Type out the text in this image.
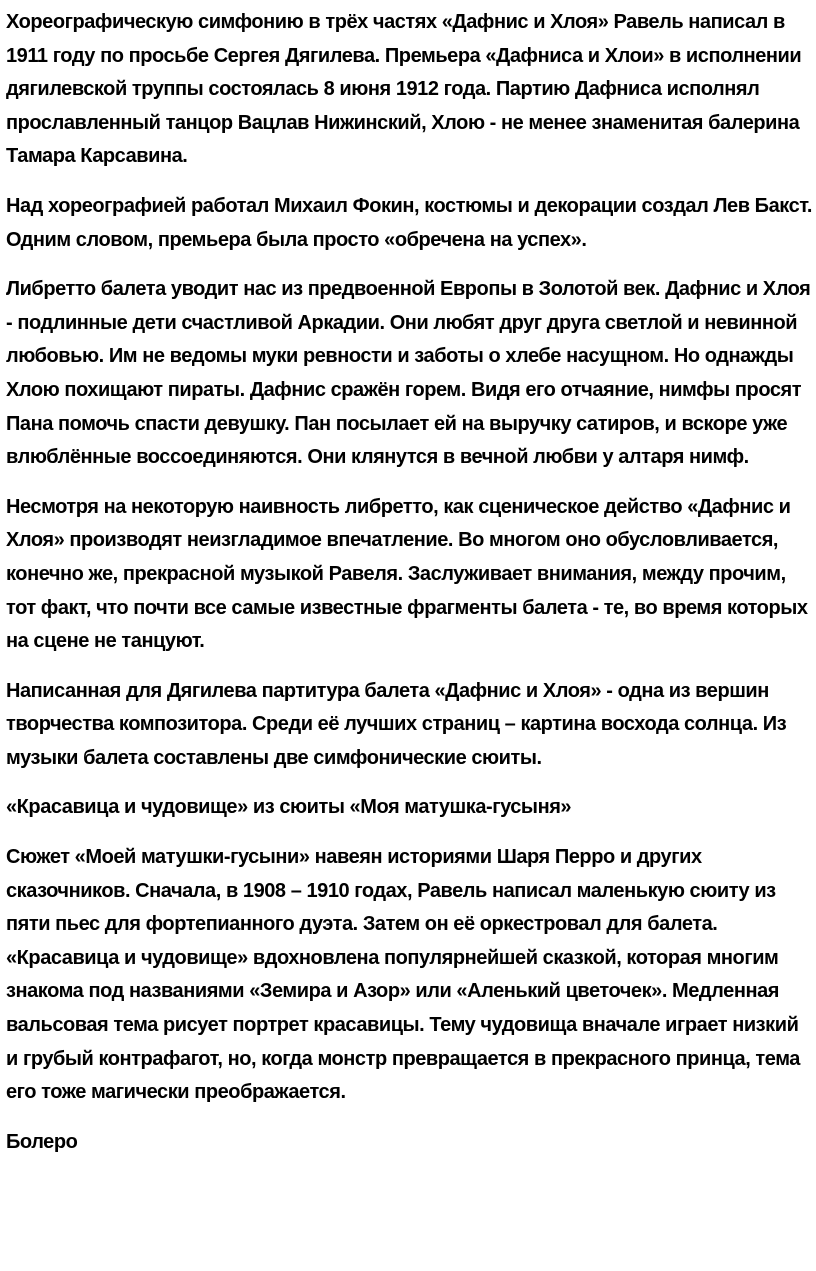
Хореографическую симфонию в трёх частях «Дафнис и Хлоя» Равель написал в 1911 году по просьбе Сергея Дягилева. Премьера «Дафниса и Хлои» в исполнении дягилевской труппы состоялась 8 июня 1912 года. Партию Дафниса исполнял прославленный танцор Вацлав Нижинский, Хлою - не менее знаменитая балерина Тамара Карсавина.

Над хореографией работал Михаил Фокин, костюмы и декорации создал Лев Бакст. Одним словом, премьера была просто «обречена на успех».

Либретто балета уводит нас из предвоенной Европы в Золотой век. Дафнис и Хлоя - подлинные дети счастливой Аркадии. Они любят друг друга светлой и невинной любовью. Им не ведомы муки ревности и заботы о хлебе насущном. Но однажды Хлою похищают пираты. Дафнис сражён горем. Видя его отчаяние, нимфы просят Пана помочь спасти девушку. Пан посылает ей на выручку сатиров, и вскоре уже влюблённые воссоединяются. Они клянутся в вечной любви у алтаря нимф.

Несмотря на некоторую наивность либретто, как сценическое действо «Дафнис и Хлоя» производят неизгладимое впечатление. Во многом оно обусловливается, конечно же, прекрасной музыкой Равеля. Заслуживает внимания, между прочим, тот факт, что почти все самые известные фрагменты балета - те, во время которых на сцене не танцуют.

Написанная для Дягилева партитура балета «Дафнис и Хлоя» - одна из вершин творчества композитора. Среди её лучших страниц – картина восхода солнца. Из музыки балета составлены две симфонические сюиты.

«Красавица и чудовище» из сюиты «Моя матушка-гусыня»

Сюжет «Моей матушки-гусыни» навеян историями Шаря Перро и других сказочников. Сначала, в 1908 – 1910 годах, Равель написал маленькую сюиту из пяти пьес для фортепианного дуэта. Затем он её оркестровал для балета. «Красавица и чудовище» вдохновлена популярнейшей сказкой, которая многим знакома под названиями «Земира и Азор» или «Аленький цветочек». Медленная вальсовая тема рисует портрет красавицы. Тему чудовища вначале играет низкий и грубый контрафагот, но, когда монстр превращается в прекрасного принца, тема его тоже магически преображается.

Болеро
